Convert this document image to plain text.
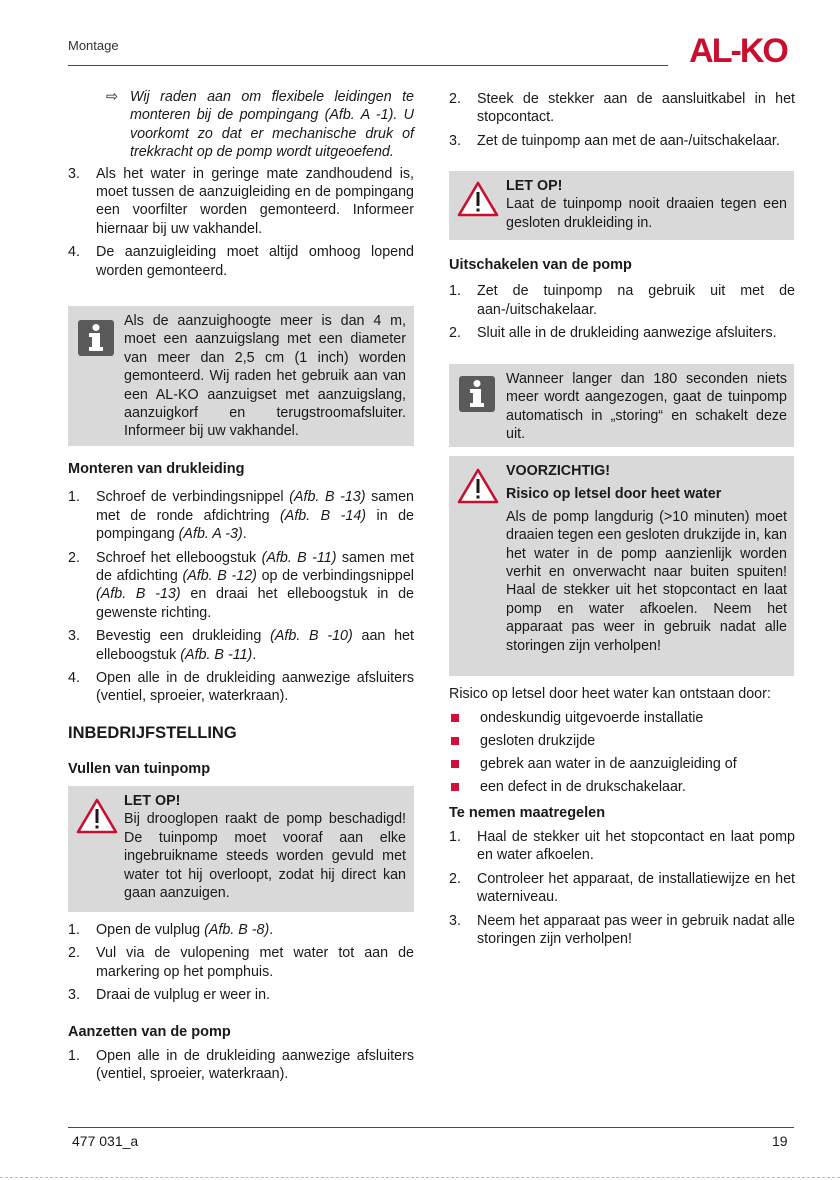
Montage	AL-KO
⇨ Wij raden aan om flexibele leidingen te monteren bij de pompingang (Afb. A -1). U voorkomt zo dat er mechanische druk of trekkracht op de pomp wordt uitgeoefend.
3. Als het water in geringe mate zandhoudend is, moet tussen de aanzuigleiding en de pompingang een voorfilter worden gemonteerd. Informeer hiernaar bij uw vakhandel.
4. De aanzuigleiding moet altijd omhoog lopend worden gemonteerd.
Als de aanzuighoogte meer is dan 4 m, moet een aanzuigslang met een diameter van meer dan 2,5 cm (1 inch) worden gemonteerd. Wij raden het gebruik aan van een AL-KO aanzuigset met aanzuigslang, aanzuigkorf en terugstroomafsluiter. Informeer bij uw vakhandel.

Monteren van drukleiding

1. Schroef de verbindingsnippel (Afb. B -13) samen met de ronde afdichtring (Afb. B -14) in de pompingang (Afb. A -3).
2. Schroef het elleboogstuk (Afb. B -11) samen met de afdichting (Afb. B -12) op de verbindingsnippel (Afb. B -13) en draai het elleboogstuk in de gewenste richting.
3. Bevestig een drukleiding (Afb. B -10) aan het elleboogstuk (Afb. B -11).
4. Open alle in de drukleiding aanwezige afsluiters (ventiel, sproeier, waterkraan).
INBEDRIJFSTELLING
Vullen van tuinpomp
LET OP!
Bij drooglopen raakt de pomp beschadigd! De tuinpomp moet vooraf aan elke ingebruikname steeds worden gevuld met water tot hij overloopt, zodat hij direct kan gaan aanzuigen.
1. Open de vulplug (Afb. B -8).
2. Vul via de vulopening met water tot aan de markering op het pomphuis.
3. Draai de vulplug er weer in.

Aanzetten van de pomp

1. Open alle in de drukleiding aanwezige afsluiters (ventiel, sproeier, waterkraan).
2. Steek de stekker aan de aansluitkabel in het stopcontact.
3. Zet de tuinpomp aan met de aan-/uitschakelaar.
LET OP!
Laat de tuinpomp nooit draaien tegen een gesloten drukleiding in.

Uitschakelen van de pomp

1. Zet de tuinpomp na gebruik uit met de aan-/uitschakelaar.
2. Sluit alle in de drukleiding aanwezige afsluiters.
Wanneer langer dan 180 seconden niets meer wordt aangezogen, gaat de tuinpomp automatisch in „storing“ en schakelt deze uit.
VOORZICHTIG!
Risico op letsel door heet water
Als de pomp langdurig (>10 minuten) moet draaien tegen een gesloten drukzijde in, kan het water in de pomp aanzienlijk worden verhit en onverwacht naar buiten spuiten! Haal de stekker uit het stopcontact en laat pomp en water afkoelen. Neem het apparaat pas weer in gebruik nadat alle storingen zijn verholpen!

Risico op letsel door heet water kan ontstaan door:

ondeskundig uitgevoerde installatie
gesloten drukzijde
gebrek aan water in de aanzuigleiding of
een defect in de drukschakelaar.

Te nemen maatregelen

1. Haal de stekker uit het stopcontact en laat pomp en water afkoelen.
2. Controleer het apparaat, de installatiewijze en het waterniveau.
3. Neem het apparaat pas weer in gebruik nadat alle storingen zijn verholpen!
477 031_a	19
